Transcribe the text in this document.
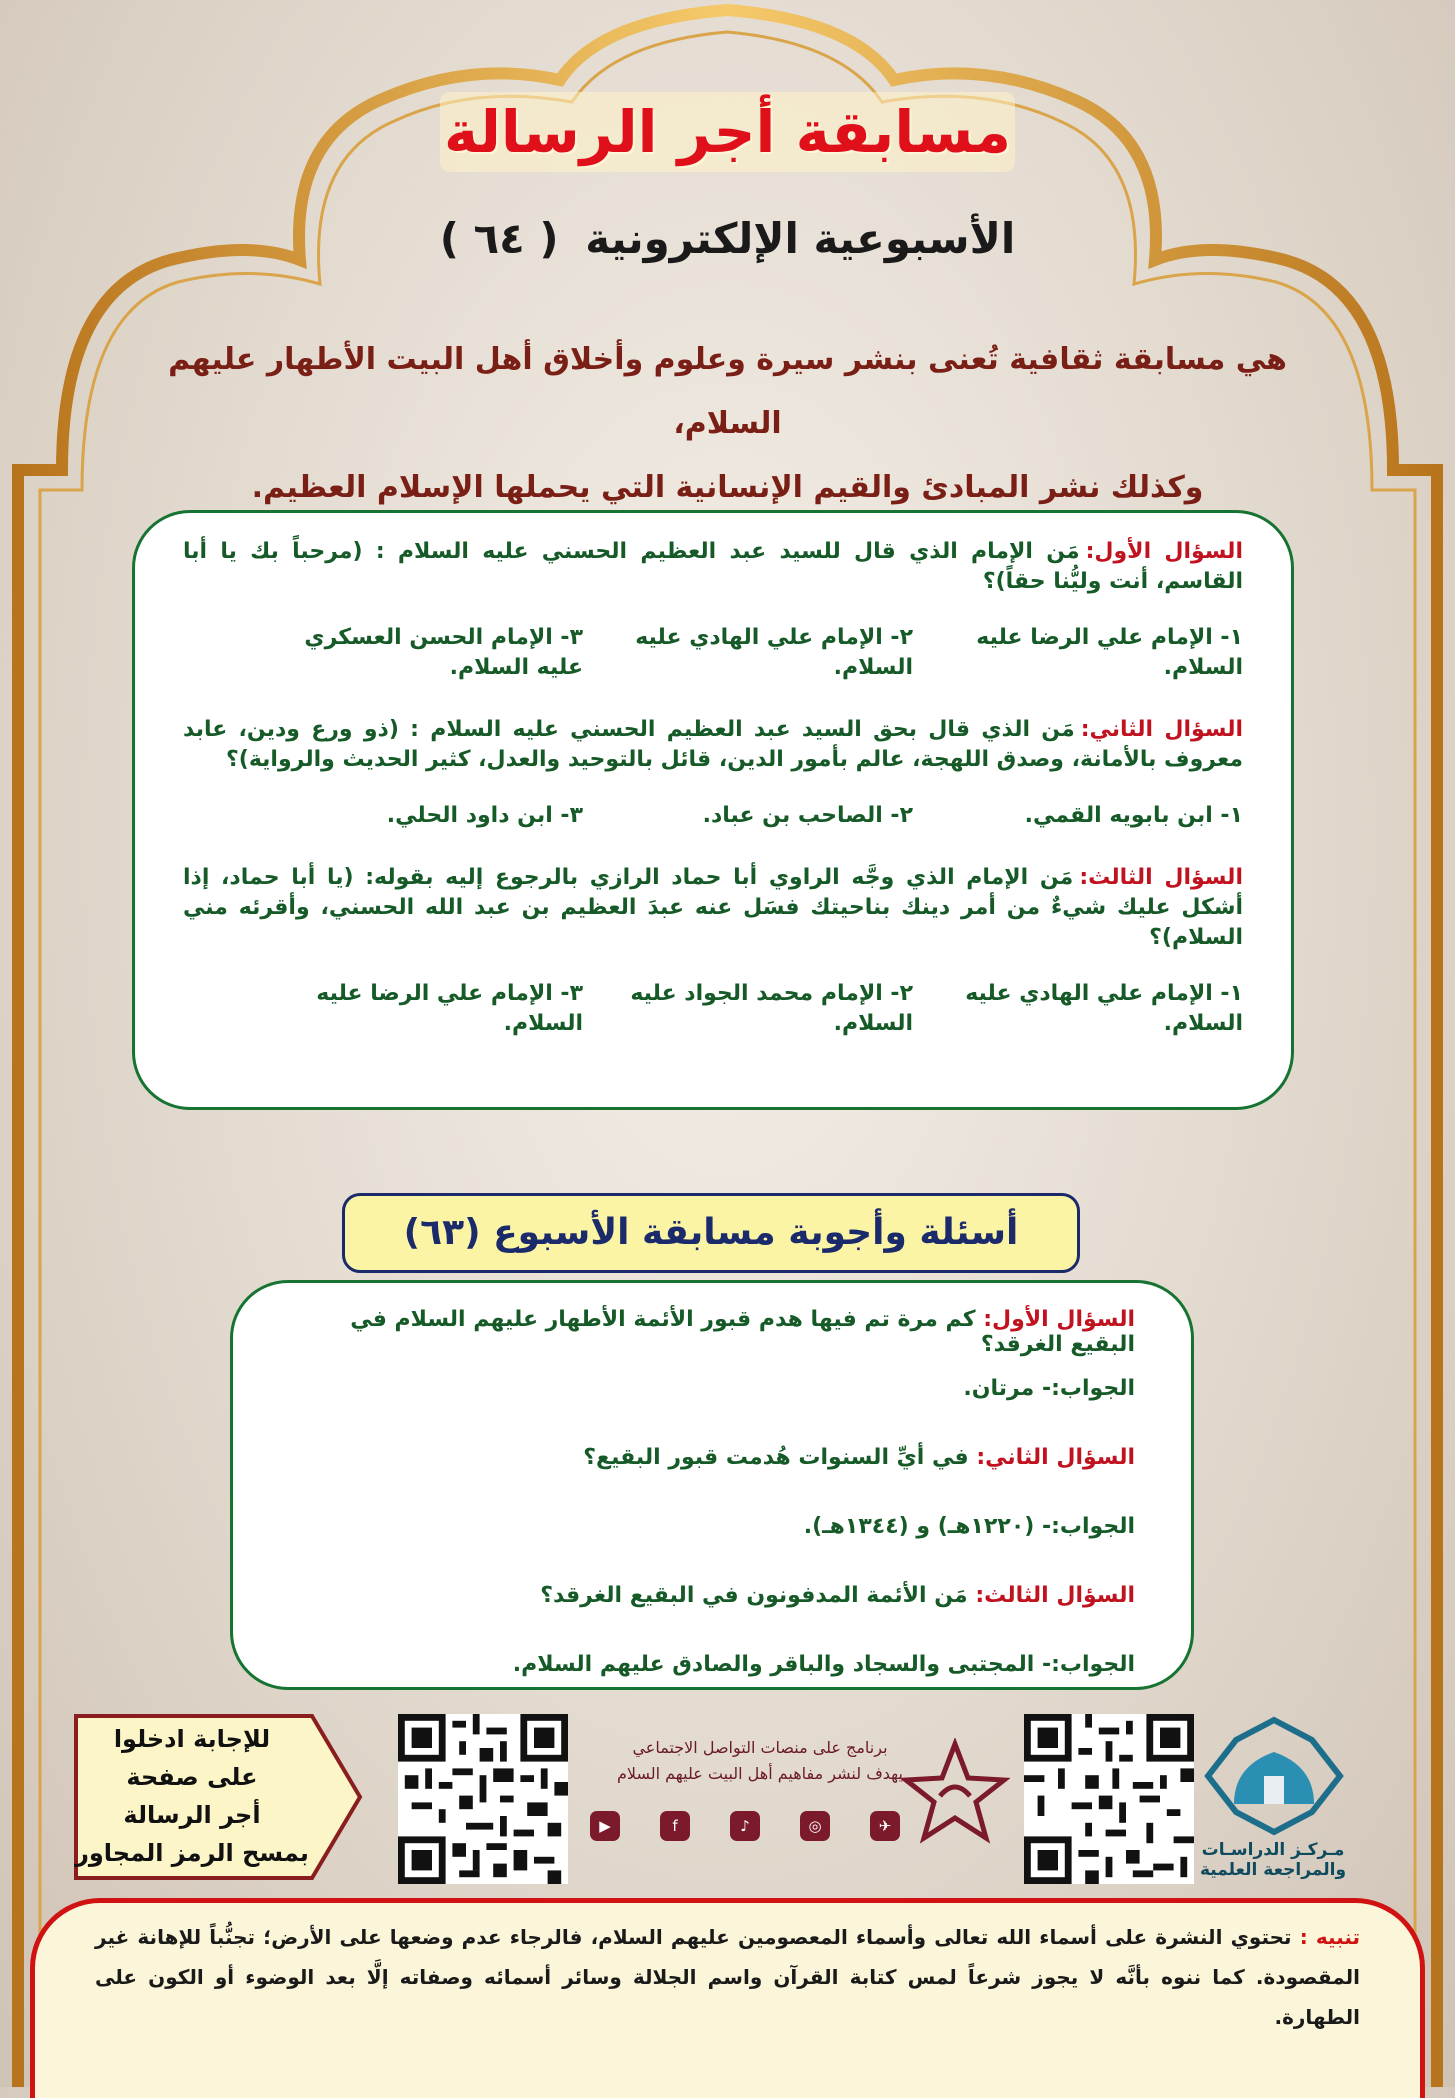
مسابقة أجر الرسالة
الأسبوعية الإلكترونية ( ٦٤ )
هي مسابقة ثقافية تُعنى بنشر سيرة وعلوم وأخلاق أهل البيت الأطهار عليهم السلام،
وكذلك نشر المبادئ والقيم الإنسانية التي يحملها الإسلام العظيم.
السؤال الأول:مَن الإمام الذي قال للسيد عبد العظيم الحسني عليه السلام : (مرحباً بك يا أبا القاسم، أنت وليُّنا حقاً)؟
١- الإمام علي الرضا عليه السلام.
٢- الإمام علي الهادي عليه السلام.
٣- الإمام الحسن العسكري عليه السلام.
السؤال الثاني:مَن الذي قال بحق السيد عبد العظيم الحسني عليه السلام : (ذو ورع ودين، عابد معروف بالأمانة، وصدق اللهجة، عالم بأمور الدين، قائل بالتوحيد والعدل، كثير الحديث والرواية)؟
١- ابن بابويه القمي.
٢- الصاحب بن عباد.
٣- ابن داود الحلي.
السؤال الثالث:مَن الإمام الذي وجَّه الراوي أبا حماد الرازي بالرجوع إليه بقوله: (يا أبا حماد، إذا أشكل عليك شيءٌ من أمر دينك بناحيتك فسَل عنه عبدَ العظيم بن عبد الله الحسني، وأقرئه مني السلام)؟
١- الإمام علي الهادي عليه السلام.
٢- الإمام محمد الجواد عليه السلام.
٣- الإمام علي الرضا عليه السلام.
أسئلة وأجوبة مسابقة الأسبوع (٦٣)
السؤال الأول: كم مرة تم فيها هدم قبور الأئمة الأطهار عليهم السلام في البقيع الغرقد؟
الجواب:- مرتان.
السؤال الثاني: في أيِّ السنوات هُدمت قبور البقيع؟
الجواب:- (١٢٢٠هـ) و (١٣٤٤هـ).
السؤال الثالث: مَن الأئمة المدفونون في البقيع الغرقد؟
الجواب:- المجتبى والسجاد والباقر والصادق عليهم السلام.
للإجابة ادخلوا
على صفحة
أجر الرسالة
بمسح الرمز المجاور
برنامج على منصات التواصل الاجتماعي
يهدف لنشر مفاهيم أهل البيت عليهم السلام
✈
◎
♪
f
▶
مـركـز الدراسـات
والمراجعة العلمية
تنبيه : تحتوي النشرة على أسماء الله تعالى وأسماء المعصومين عليهم السلام، فالرجاء عدم وضعها على الأرض؛ تجنُّباً للإهانة غير المقصودة. كما ننوه بأنَّه لا يجوز شرعاً لمس كتابة القرآن واسم الجلالة وسائر أسمائه وصفاته إلَّا بعد الوضوء أو الكون على الطهارة.
